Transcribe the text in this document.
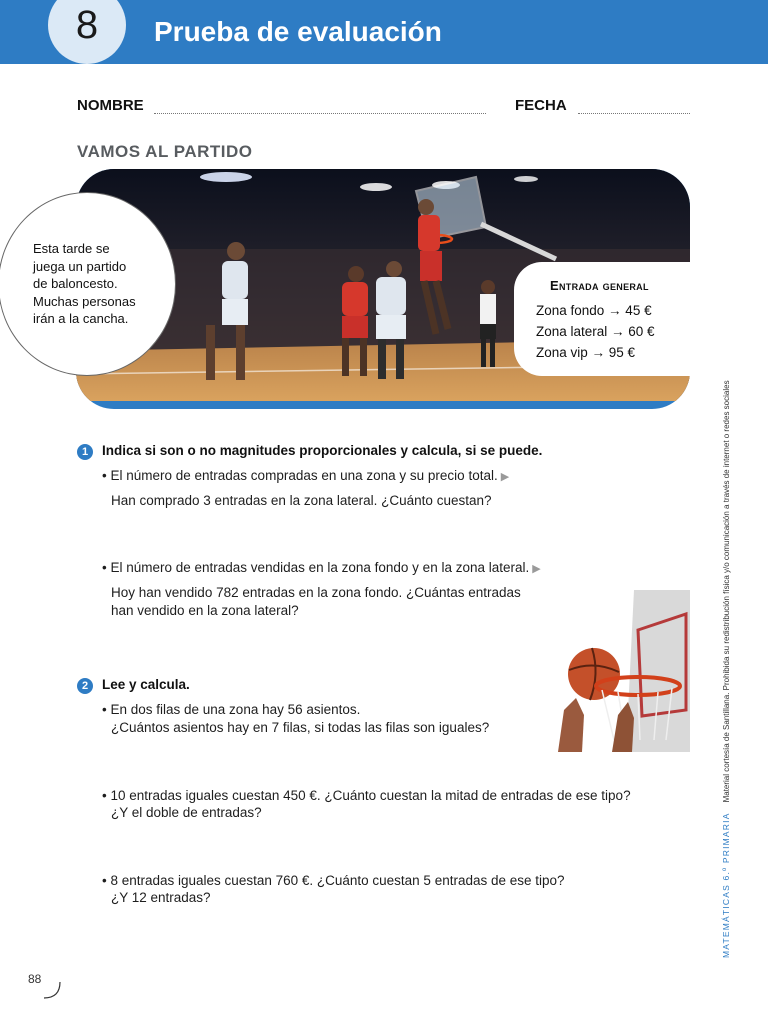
8 Prueba de evaluación
NOMBRE	FECHA
VAMOS AL PARTIDO
Esta tarde se
juega un partido
de baloncesto.
Muchas personas
irán a la cancha.
Entrada general
Zona fondo → 45 €
Zona lateral → 60 €
Zona vip → 95 €
1 Indica si son o no magnitudes proporcionales y calcula, si se puede.
• El número de entradas compradas en una zona y su precio total. ▶
Han comprado 3 entradas en la zona lateral. ¿Cuánto cuestan?
• El número de entradas vendidas en la zona fondo y en la zona lateral. ▶
Hoy han vendido 782 entradas en la zona fondo. ¿Cuántas entradas
han vendido en la zona lateral?
2 Lee y calcula.
• En dos filas de una zona hay 56 asientos.
¿Cuántos asientos hay en 7 filas, si todas las filas son iguales?
• 10 entradas iguales cuestan 450 €. ¿Cuánto cuestan la mitad de entradas de ese tipo?
¿Y el doble de entradas?
• 8 entradas iguales cuestan 760 €. ¿Cuánto cuestan 5 entradas de ese tipo?
¿Y 12 entradas?	MATEMÁTICAS 6.º PRIMARIAMaterial cortesía de Santillana. Prohibida su redistribución física y/o comunicación a través de internet o redes sociales
88
